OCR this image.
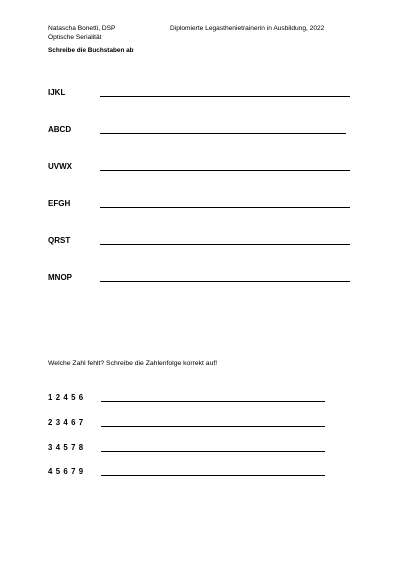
Natascha Bonetti, DSP	Diplomierte Legasthenietrainerin in Ausbildung, 2022
Optische Serialität
Schreibe die Buchstaben ab
IJKL
ABCD
UVWX
EFGH
QRST
MNOP
Welche Zahl fehlt? Schreibe die Zahlenfolge korrekt auf!
1 2 4 5 6
2 3 4 6 7
3 4 5 7 8
4 5 6 7 9
